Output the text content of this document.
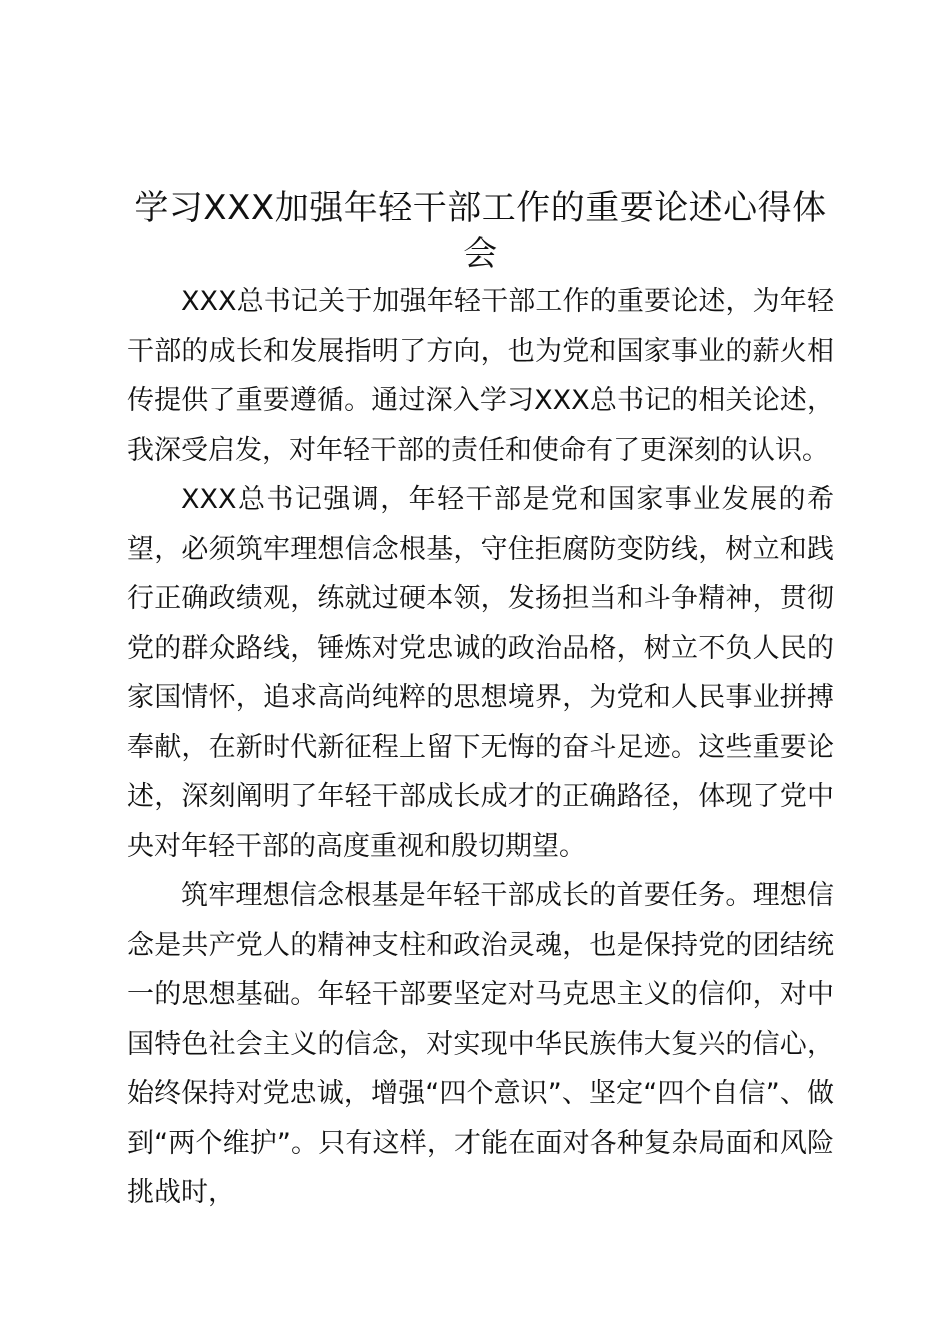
学习XXX加强年轻干部工作的重要论述心得体会

XXX总书记关于加强年轻干部工作的重要论述，为年轻干部的成长和发展指明了方向，也为党和国家事业的薪火相传提供了重要遵循。通过深入学习XXX总书记的相关论述，我深受启发，对年轻干部的责任和使命有了更深刻的认识。

XXX总书记强调，年轻干部是党和国家事业发展的希望，必须筑牢理想信念根基，守住拒腐防变防线，树立和践行正确政绩观，练就过硬本领，发扬担当和斗争精神，贯彻党的群众路线，锤炼对党忠诚的政治品格，树立不负人民的家国情怀，追求高尚纯粹的思想境界，为党和人民事业拼搏奉献，在新时代新征程上留下无悔的奋斗足迹。这些重要论述，深刻阐明了年轻干部成长成才的正确路径，体现了党中央对年轻干部的高度重视和殷切期望。

筑牢理想信念根基是年轻干部成长的首要任务。理想信念是共产党人的精神支柱和政治灵魂，也是保持党的团结统一的思想基础。年轻干部要坚定对马克思主义的信仰，对中国特色社会主义的信念，对实现中华民族伟大复兴的信心，始终保持对党忠诚，增强“四个意识”、坚定“四个自信”、做到“两个维护”。只有这样，才能在面对各种复杂局面和风险挑战时，
